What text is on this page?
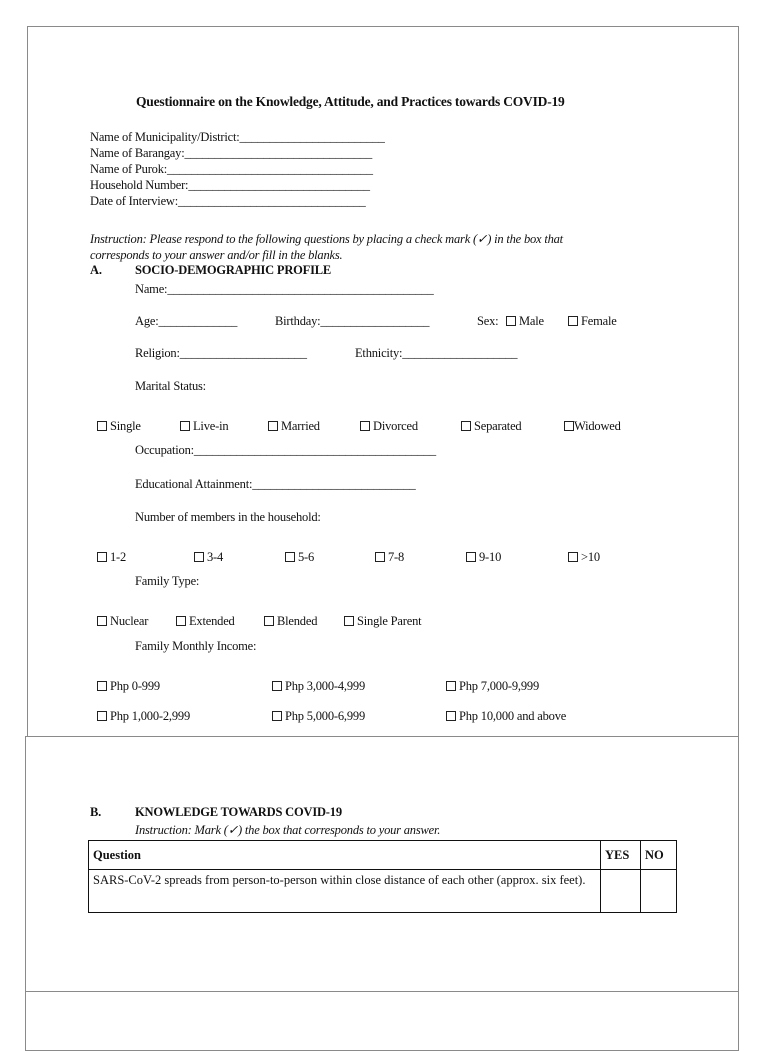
Questionnaire on the Knowledge, Attitude, and Practices towards COVID-19
Name of Municipality/District:________________________
Name of Barangay:_______________________________
Name of Purok:__________________________________
Household Number:______________________________
Date of Interview:_______________________________
Instruction: Please respond to the following questions by placing a check mark (✓) in the box that
corresponds to your answer and/or fill in the blanks.
A.	SOCIO-DEMOGRAPHIC PROFILE
Name:____________________________________________
Age:_____________	Birthday:__________________	Sex:	Male	Female
Religion:_____________________	Ethnicity:___________________
Marital Status:
Single	Live-in	Married	Divorced	Separated	Widowed
Occupation:________________________________________
Educational Attainment:___________________________
Number of members in the household:
1-2	3-4	5-6	7-8	9-10	>10
Family Type:
Nuclear	Extended	Blended	Single Parent
Family Monthly Income:
Php 0-999	Php 3,000-4,999	Php 7,000-9,999
Php 1,000-2,999	Php 5,000-6,999	Php 10,000 and above
B.	KNOWLEDGE TOWARDS COVID-19
Instruction: Mark (✓) the box that corresponds to your answer.
Question	YES	NO
SARS-CoV-2 spreads from person-to-person within close distance of each other (approx. six feet).		
